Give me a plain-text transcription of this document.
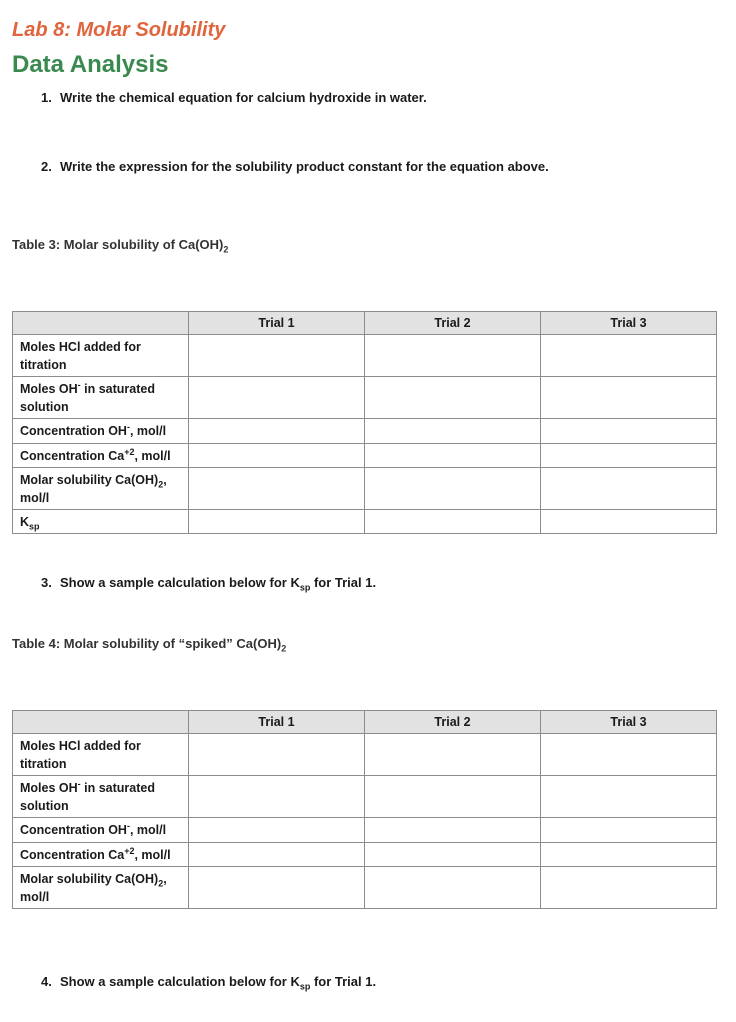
Lab 8: Molar Solubility
Data Analysis
1. Write the chemical equation for calcium hydroxide in water.
2. Write the expression for the solubility product constant for the equation above.
Table 3: Molar solubility of $Ca(OH)_2$
	Trial 1	Trial 2	Trial 3
Moles HCl added for titration			
Moles OH- in saturated solution			
Concentration OH-, mol/l			
Concentration $Ca^{+2}$, mol/l			
Molar solubility $Ca(OH)_2$, mol/l			
$K_{sp}$			
3. Show a sample calculation below for $K_{sp}$ for Trial 1.
Table 4: Molar solubility of “spiked” $Ca(OH)_2$
	Trial 1	Trial 2	Trial 3
Moles HCl added for titration			
Moles OH- in saturated solution			
Concentration OH-, mol/l			
Concentration $Ca^{+2}$, mol/l			
Molar solubility $Ca(OH)_2$, mol/l			
4. Show a sample calculation below for $K_{sp}$ for Trial 1.
